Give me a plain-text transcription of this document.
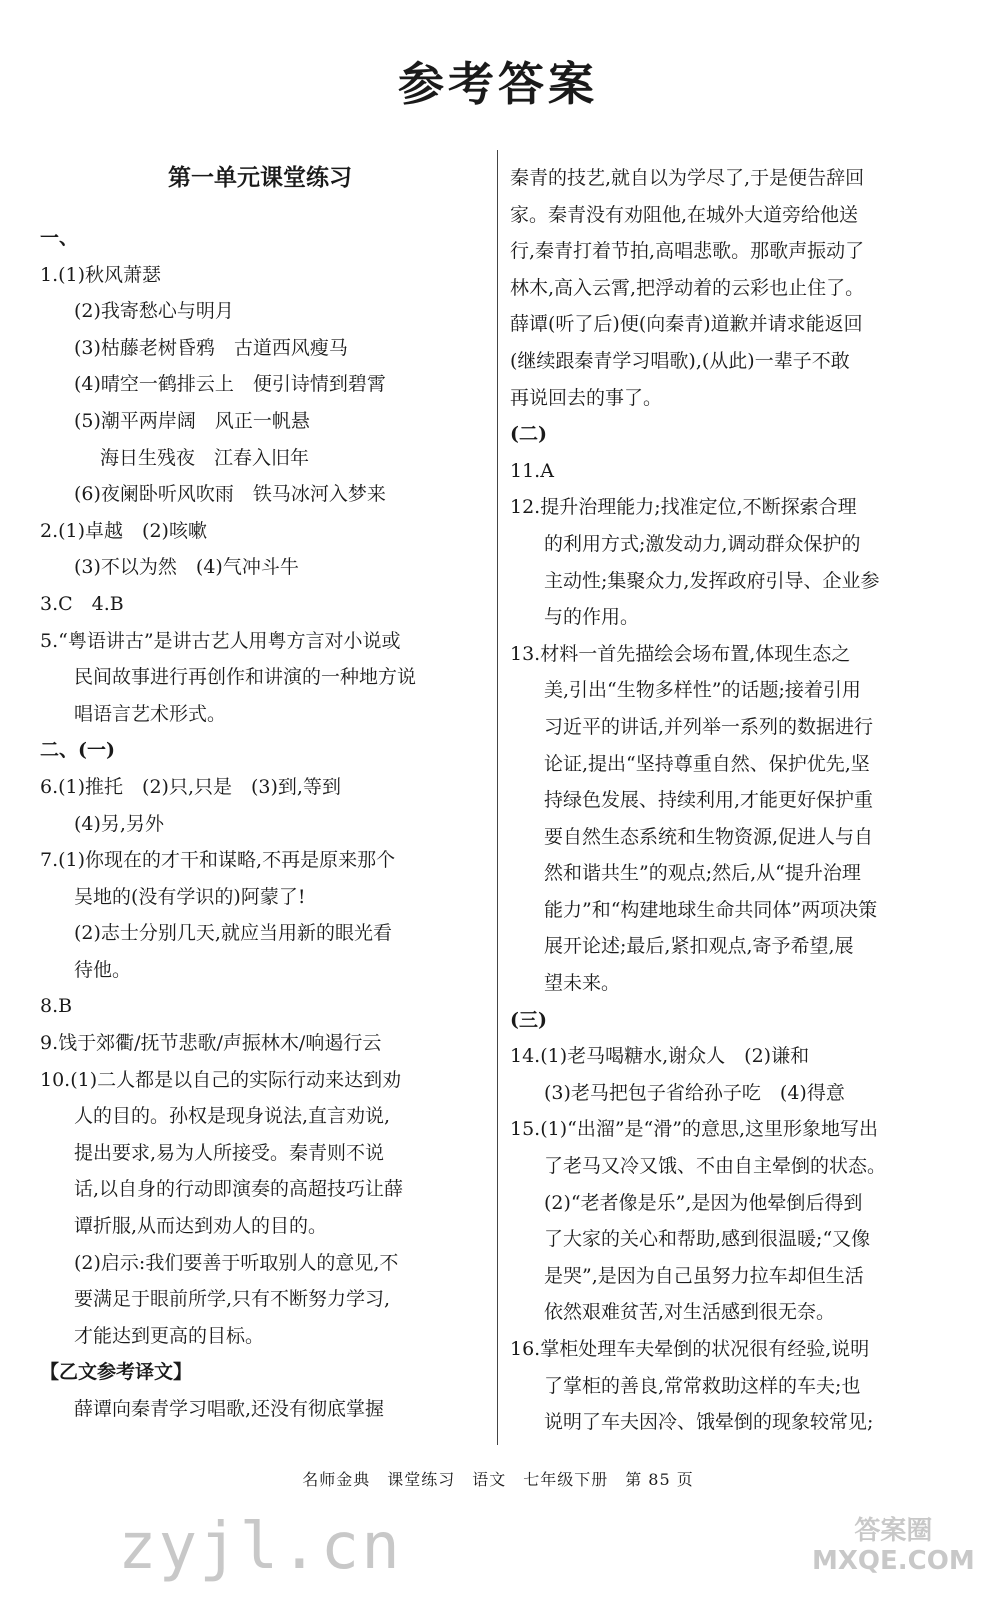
参考答案
第一单元课堂练习
一、
1.(1)秋风萧瑟
(2)我寄愁心与明月
(3)枯藤老树昏鸦　古道西风瘦马
(4)晴空一鹤排云上　便引诗情到碧霄
(5)潮平两岸阔　风正一帆悬
海日生残夜　江春入旧年
(6)夜阑卧听风吹雨　铁马冰河入梦来
2.(1)卓越　(2)咳嗽
(3)不以为然　(4)气冲斗牛
3.C　4.B
5.“粤语讲古”是讲古艺人用粤方言对小说或
民间故事进行再创作和讲演的一种地方说
唱语言艺术形式。
二、(一)
6.(1)推托　(2)只,只是　(3)到,等到
(4)另,另外
7.(1)你现在的才干和谋略,不再是原来那个
吴地的(没有学识的)阿蒙了!
(2)志士分别几天,就应当用新的眼光看
待他。
8.B
9.饯于郊衢/抚节悲歌/声振林木/响遏行云
10.(1)二人都是以自己的实际行动来达到劝
人的目的。孙权是现身说法,直言劝说,
提出要求,易为人所接受。秦青则不说
话,以自身的行动即演奏的高超技巧让薛
谭折服,从而达到劝人的目的。
(2)启示:我们要善于听取别人的意见,不
要满足于眼前所学,只有不断努力学习,
才能达到更高的目标。
【乙文参考译文】
薛谭向秦青学习唱歌,还没有彻底掌握
秦青的技艺,就自以为学尽了,于是便告辞回
家。秦青没有劝阻他,在城外大道旁给他送
行,秦青打着节拍,高唱悲歌。那歌声振动了
林木,高入云霄,把浮动着的云彩也止住了。
薛谭(听了后)便(向秦青)道歉并请求能返回
(继续跟秦青学习唱歌),(从此)一辈子不敢
再说回去的事了。
(二)
11.A
12.提升治理能力;找准定位,不断探索合理
的利用方式;激发动力,调动群众保护的
主动性;集聚众力,发挥政府引导、企业参
与的作用。
13.材料一首先描绘会场布置,体现生态之
美,引出“生物多样性”的话题;接着引用
习近平的讲话,并列举一系列的数据进行
论证,提出“坚持尊重自然、保护优先,坚
持绿色发展、持续利用,才能更好保护重
要自然生态系统和生物资源,促进人与自
然和谐共生”的观点;然后,从“提升治理
能力”和“构建地球生命共同体”两项决策
展开论述;最后,紧扣观点,寄予希望,展
望未来。
(三)
14.(1)老马喝糖水,谢众人　(2)谦和
(3)老马把包子省给孙子吃　(4)得意
15.(1)“出溜”是“滑”的意思,这里形象地写出
了老马又冷又饿、不由自主晕倒的状态。
(2)“老者像是乐”,是因为他晕倒后得到
了大家的关心和帮助,感到很温暖;“又像
是哭”,是因为自己虽努力拉车却但生活
依然艰难贫苦,对生活感到很无奈。
16.掌柜处理车夫晕倒的状况很有经验,说明
了掌柜的善良,常常救助这样的车夫;也
说明了车夫因冷、饿晕倒的现象较常见;
名师金典　课堂练习　语文　七年级下册　第 85 页
zyjl.cn	答案圈
MXQE.COM
